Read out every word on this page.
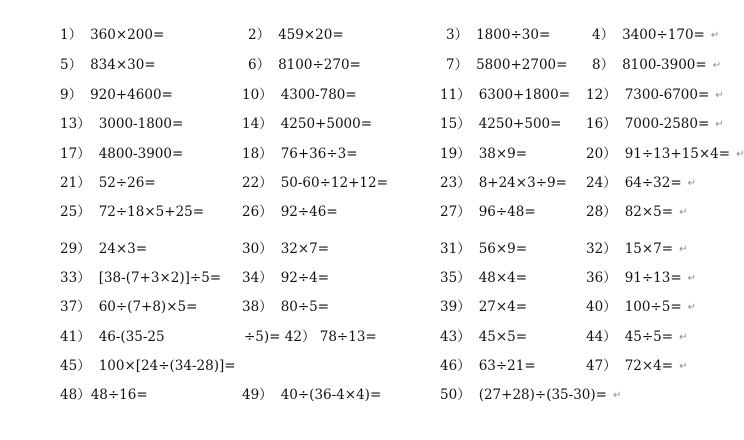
1） 360×200=	2） 459×20=	3） 1800÷30=	4） 3400÷170= ↵
5） 834×30=	6） 8100÷270=	7） 5800+2700=	8） 8100-3900= ↵
9） 920+4600=	10） 4300-780=	11） 6300+1800=	12） 7300-6700= ↵
13） 3000-1800=	14） 4250+5000=	15） 4250+500=	16） 7000-2580= ↵
17） 4800-3900=	18） 76+36÷3=	19） 38×9=	20） 91÷13+15×4= ↵
21） 52÷26=	22） 50-60÷12+12=	23） 8+24×3÷9=	24） 64÷32= ↵
25） 72÷18×5+25=	26） 92÷46=	27） 96÷48=	28） 82×5= ↵
29） 24×3=	30） 32×7=	31） 56×9=	32） 15×7= ↵
33） [38-(7+3×2)]÷5=	34） 92÷4=	35） 48×4=	36） 91÷13= ↵
37） 60÷(7+8)×5=	38） 80÷5=	39） 27×4=	40） 100÷5= ↵
41） 46-(35-25	÷5)= 42） 78÷13=	43） 45×5=	44） 45÷5= ↵
45） 100×[24÷(34-28)]=	46） 63÷21=	47） 72×4= ↵
48）48÷16=	49） 40÷(36-4×4)=	50） (27+28)÷(35-30)= ↵
